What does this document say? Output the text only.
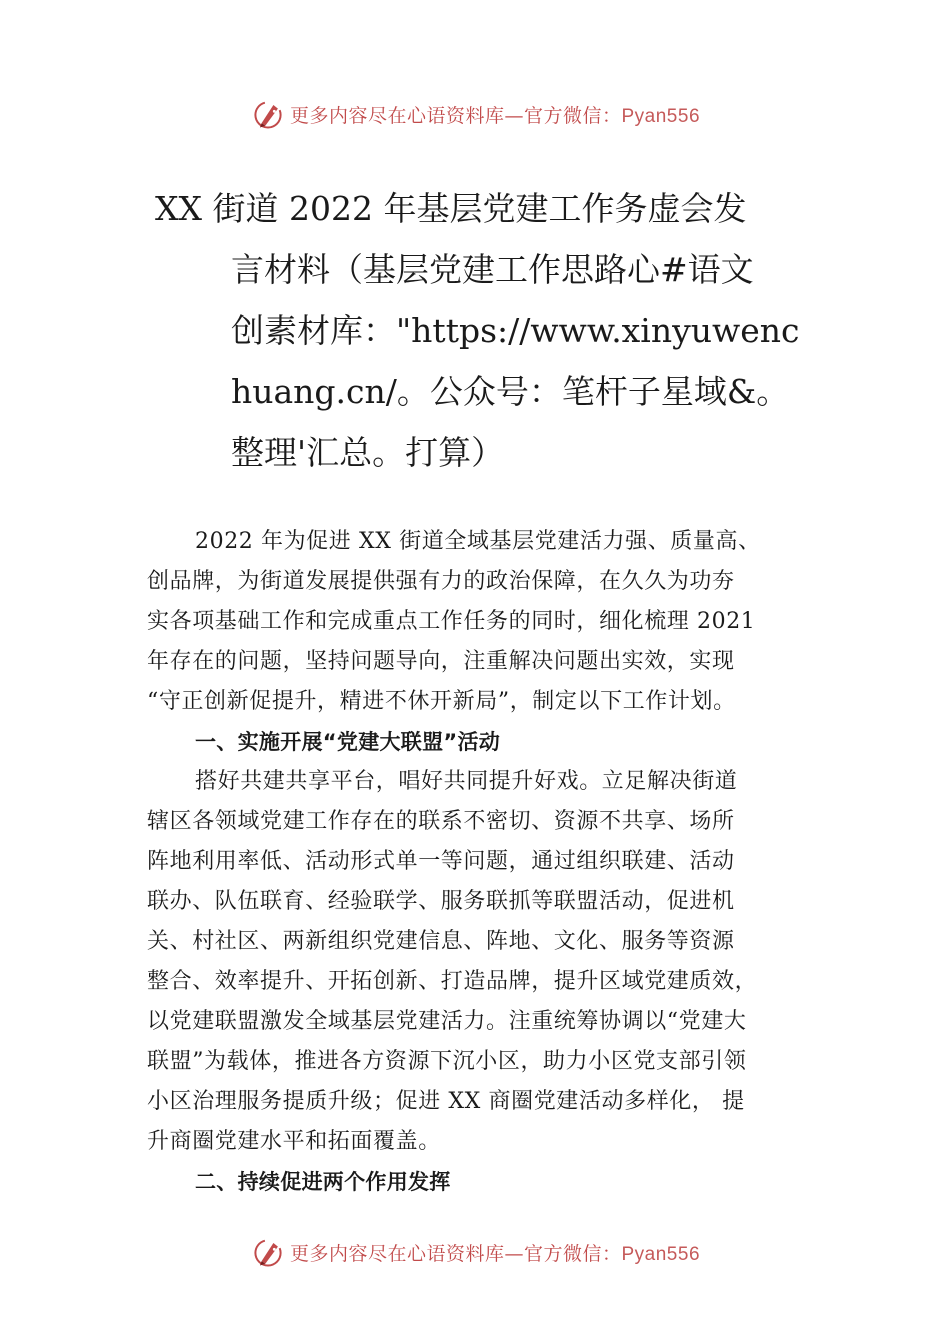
更多内容尽在心语资料库—官方微信：Pyan556
XX 街道 2022 年基层党建工作务虚会发
言材料（基层党建工作思路心#语文
创素材库："https://www.xinyuwenc
huang.cn/。公众号：笔杆子星域&。
整理'汇总。打算）
2022 年为促进 XX 街道全域基层党建活力强、质量高、
创品牌，为街道发展提供强有力的政治保障，在久久为功夯
实各项基础工作和完成重点工作任务的同时，细化梳理 2021
年存在的问题，坚持问题导向，注重解决问题出实效，实现
“守正创新促提升，精进不休开新局”，制定以下工作计划。
一、实施开展“党建大联盟”活动
搭好共建共享平台，唱好共同提升好戏。立足解决街道
辖区各领域党建工作存在的联系不密切、资源不共享、场所
阵地利用率低、活动形式单一等问题，通过组织联建、活动
联办、队伍联育、经验联学、服务联抓等联盟活动，促进机
关、村社区、两新组织党建信息、阵地、文化、服务等资源
整合、效率提升、开拓创新、打造品牌，提升区域党建质效，
以党建联盟激发全域基层党建活力。注重统筹协调以“党建大
联盟”为载体，推进各方资源下沉小区，助力小区党支部引领
小区治理服务提质升级；促进 XX 商圈党建活动多样化， 提
升商圈党建水平和拓面覆盖。
二、持续促进两个作用发挥
更多内容尽在心语资料库—官方微信：Pyan556
